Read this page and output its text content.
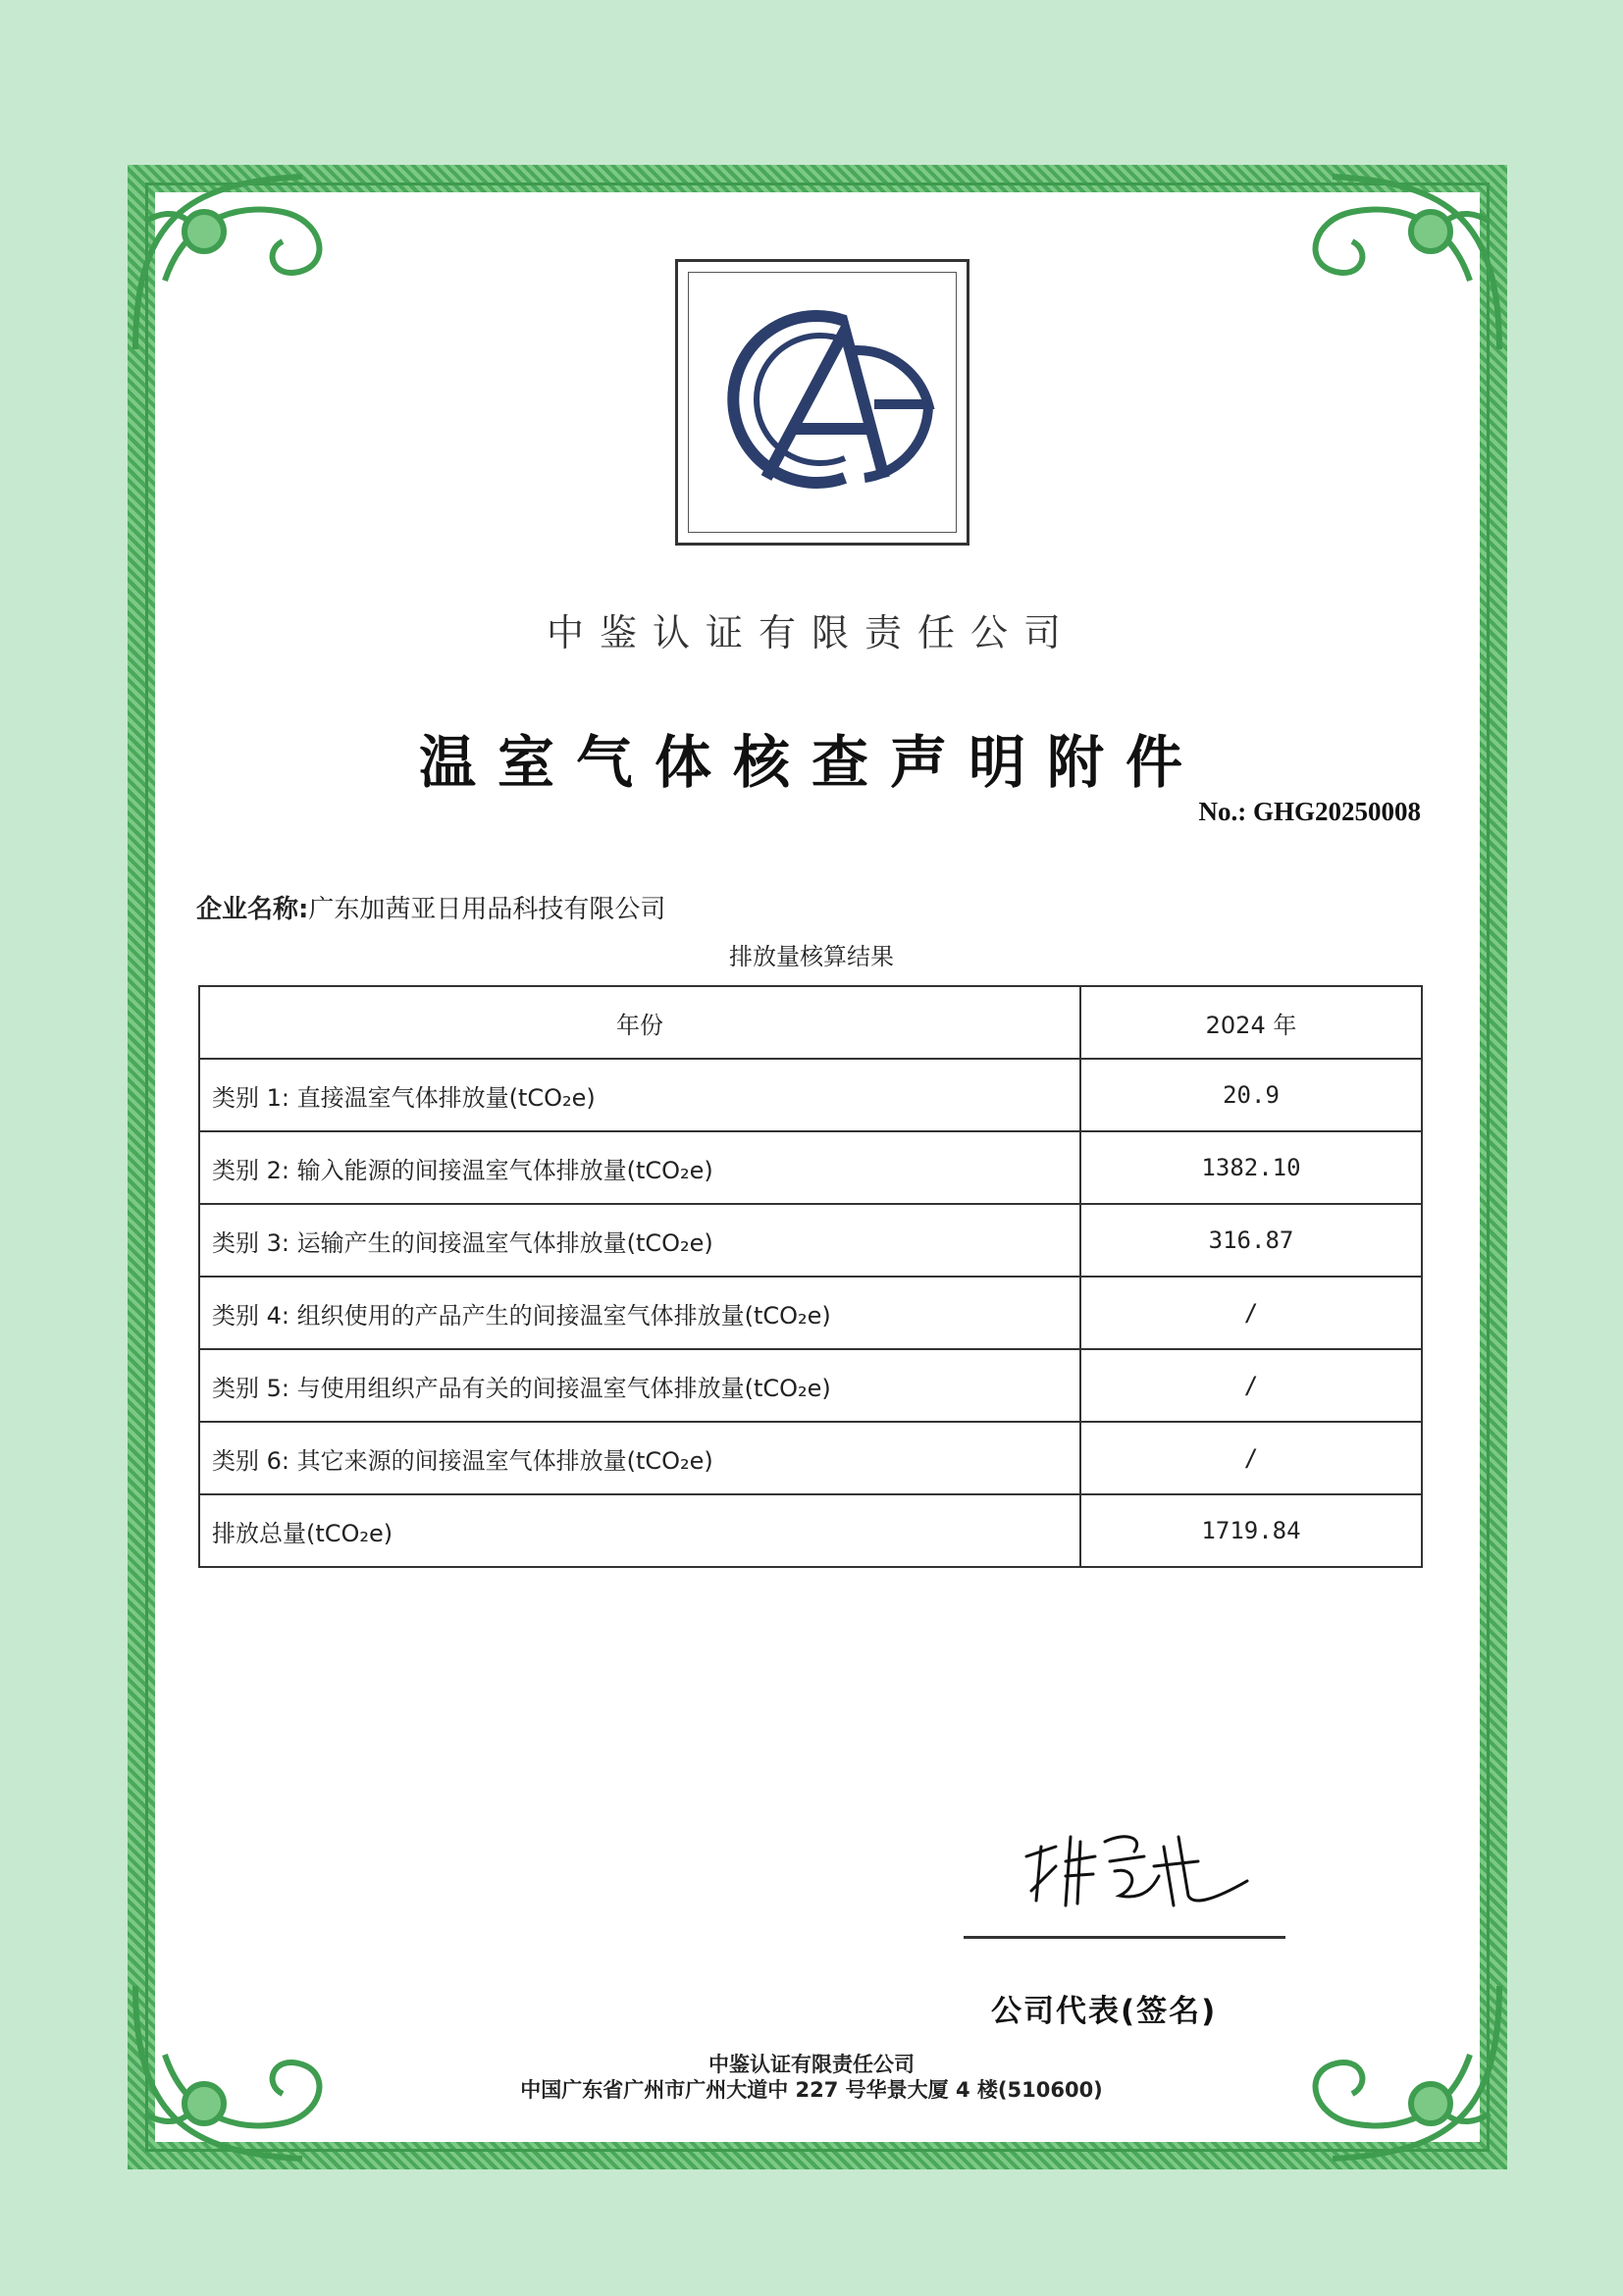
中鉴认证有限责任公司
温室气体核查声明附件
No.: GHG20250008
企业名称:广东加茜亚日用品科技有限公司
排放量核算结果
年份	2024 年
类别 1: 直接温室气体排放量(tCO₂e)	20.9
类别 2: 输入能源的间接温室气体排放量(tCO₂e)	1382.10
类别 3: 运输产生的间接温室气体排放量(tCO₂e)	316.87
类别 4: 组织使用的产品产生的间接温室气体排放量(tCO₂e)	/
类别 5: 与使用组织产品有关的间接温室气体排放量(tCO₂e)	/
类别 6: 其它来源的间接温室气体排放量(tCO₂e)	/
排放总量(tCO₂e)	1719.84
公司代表(签名)
中鉴认证有限责任公司
中国广东省广州市广州大道中 227 号华景大厦 4 楼(510600)
